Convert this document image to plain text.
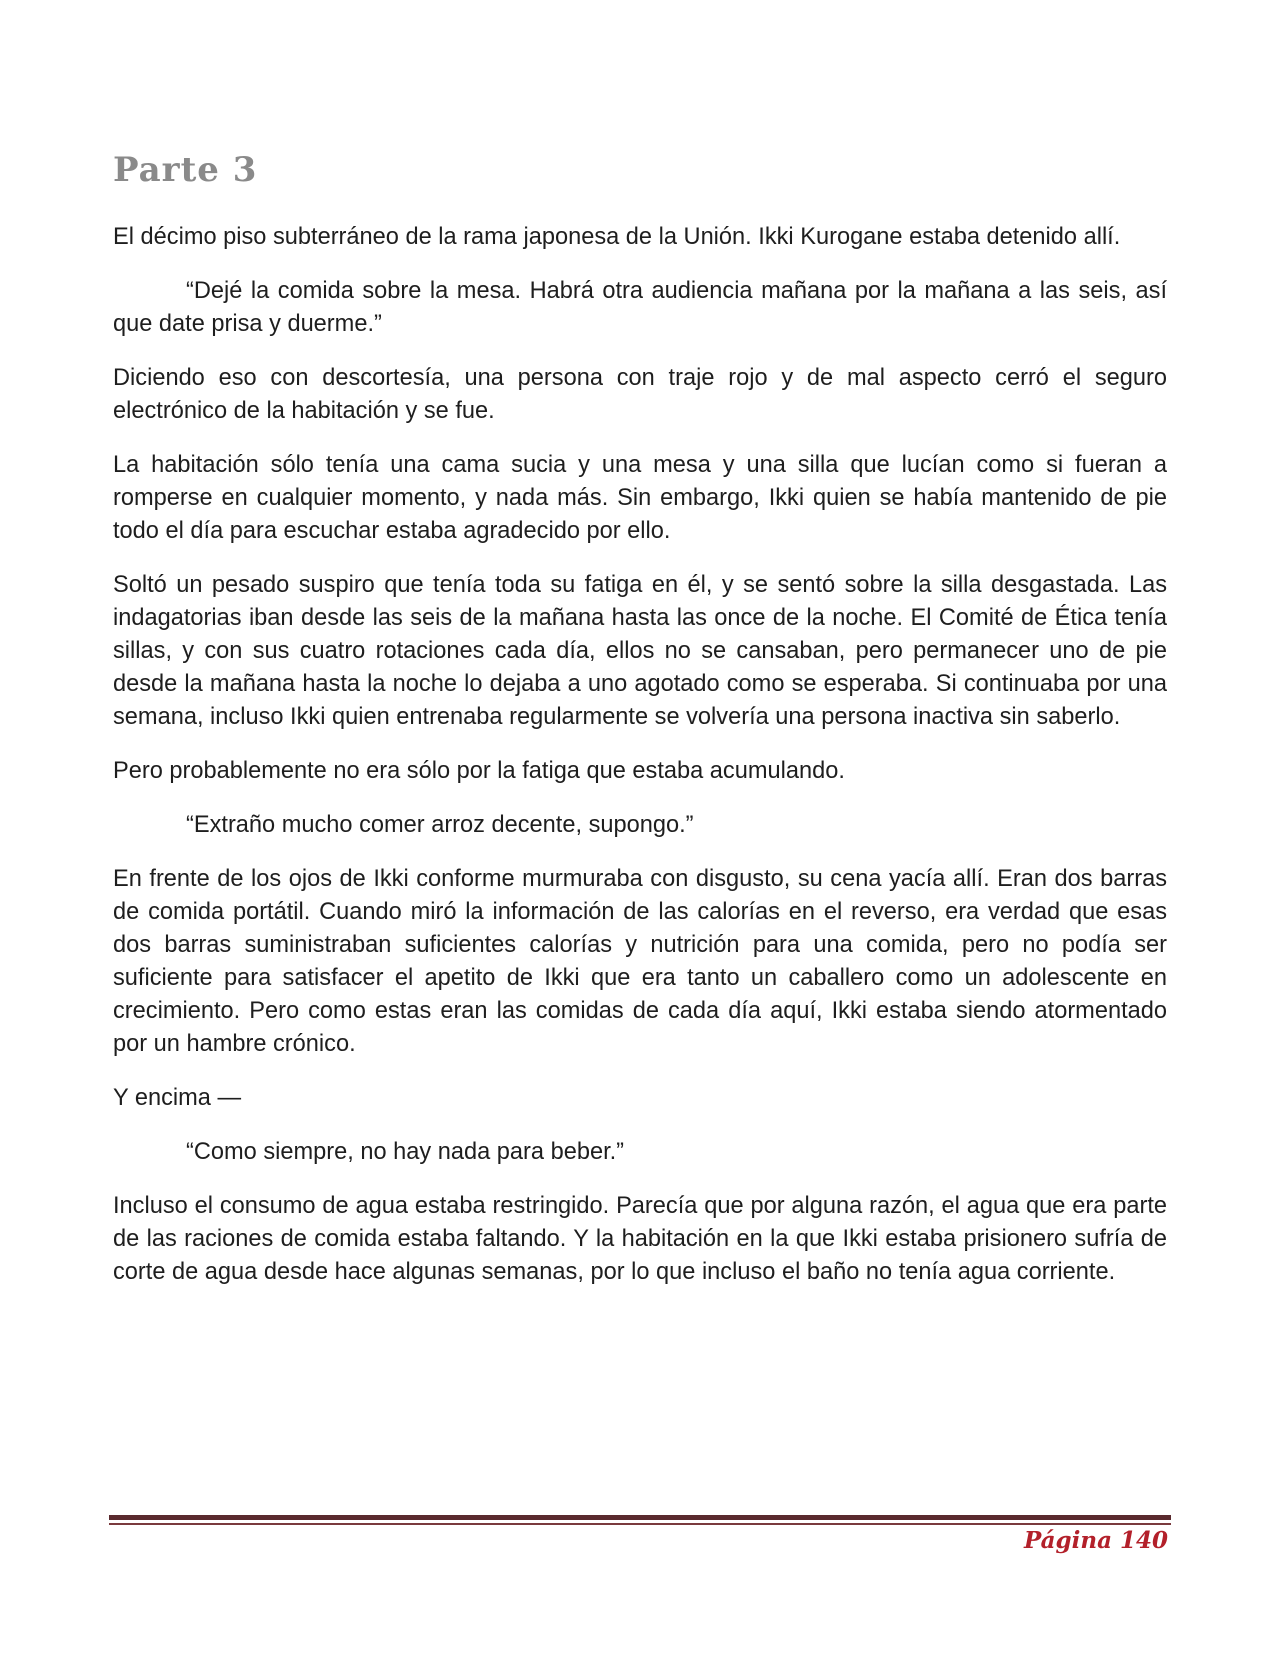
Parte 3

El décimo piso subterráneo de la rama japonesa de la Unión. Ikki Kurogane estaba detenido allí.

“Dejé la comida sobre la mesa. Habrá otra audiencia mañana por la mañana a las seis, así que date prisa y duerme.”

Diciendo eso con descortesía, una persona con traje rojo y de mal aspecto cerró el seguro electrónico de la habitación y se fue.

La habitación sólo tenía una cama sucia y una mesa y una silla que lucían como si fueran a romperse en cualquier momento, y nada más. Sin embargo, Ikki quien se había mantenido de pie todo el día para escuchar estaba agradecido por ello.

Soltó un pesado suspiro que tenía toda su fatiga en él, y se sentó sobre la silla desgastada. Las indagatorias iban desde las seis de la mañana hasta las once de la noche. El Comité de Ética tenía sillas, y con sus cuatro rotaciones cada día, ellos no se cansaban, pero permanecer uno de pie desde la mañana hasta la noche lo dejaba a uno agotado como se esperaba. Si continuaba por una semana, incluso Ikki quien entrenaba regularmente se volvería una persona inactiva sin saberlo.

Pero probablemente no era sólo por la fatiga que estaba acumulando.

“Extraño mucho comer arroz decente, supongo.”

En frente de los ojos de Ikki conforme murmuraba con disgusto, su cena yacía allí. Eran dos barras de comida portátil. Cuando miró la información de las calorías en el reverso, era verdad que esas dos barras suministraban suficientes calorías y nutrición para una comida, pero no podía ser suficiente para satisfacer el apetito de Ikki que era tanto un caballero como un adolescente en crecimiento. Pero como estas eran las comidas de cada día aquí, Ikki estaba siendo atormentado por un hambre crónico.

Y encima —

“Como siempre, no hay nada para beber.”

Incluso el consumo de agua estaba restringido. Parecía que por alguna razón, el agua que era parte de las raciones de comida estaba faltando. Y la habitación en la que Ikki estaba prisionero sufría de corte de agua desde hace algunas semanas, por lo que incluso el baño no tenía agua corriente.

Página 140
